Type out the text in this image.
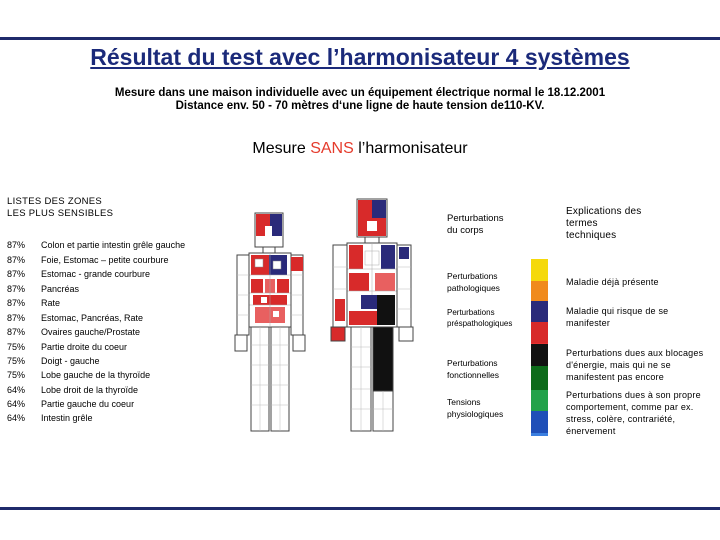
Résultat du test avec l’harmonisateur 4 systèmes
Mesure dans une maison individuelle avec un équipement électrique normal le 18.12.2001
Distance env. 50 - 70 mètres d‘une ligne de haute tension de110-KV.
Mesure SANS l’harmonisateur
LISTES DES ZONES
LES PLUS SENSIBLES
87% Colon et partie intestin grêle gauche
87% Foie, Estomac – petite courbure
87% Estomac - grande courbure
87% Pancréas
87% Rate
87% Estomac, Pancréas, Rate
87% Ovaires gauche/Prostate
75% Partie droite du coeur
75% Doigt - gauche
75% Lobe gauche de la thyroïde
64% Lobe droit de la thyroïde
64% Partie gauche du coeur
64% Intestin grêle
Perturbations
du corps
Explications des
termes
techniques
Perturbations
pathologiques
Maladie déjà présente
Perturbations
préspathologiques
Maladie qui risque de se
manifester
Perturbations
fonctionnelles
Perturbations dues aux blocages
d'énergie, mais qui ne se
manifestent pas encore
Tensions
physiologiques
Perturbations dues à son propre
comportement, comme par ex.
stress, colère, contrariété,
énervement
